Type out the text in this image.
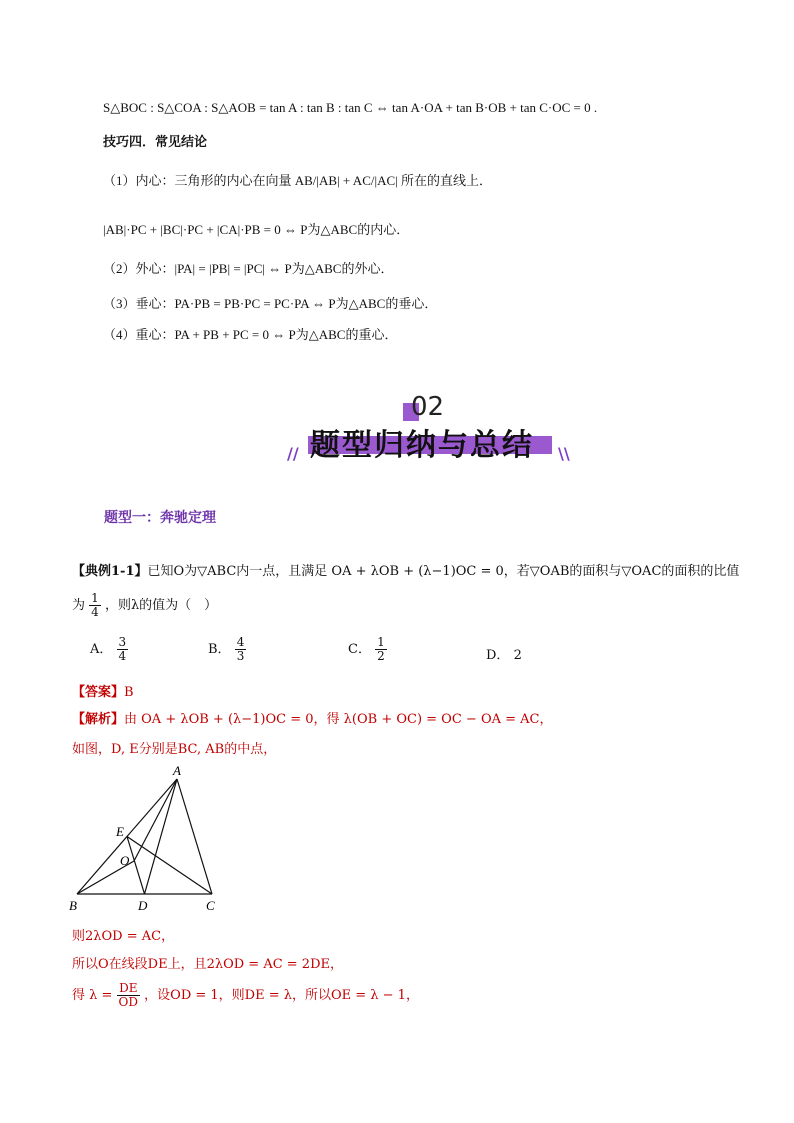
S△BOC : S△COA : S△AOB = tan A : tan B : tan C ⇔ tan A·OA + tan B·OB + tan C·OC = 0 .
技巧四．常见结论
（1）内心：三角形的内心在向量 AB/|AB| + AC/|AC| 所在的直线上．
|AB|·PC + |BC|·PC + |CA|·PB = 0 ⇔ P为△ABC的内心．
（2）外心：|PA| = |PB| = |PC| ⇔ P为△ABC的外心．
（3）垂心：PA·PB = PB·PC = PC·PA ⇔ P为△ABC的垂心．
（4）重心：PA + PB + PC = 0 ⇔ P为△ABC的重心．
02
题型归纳与总结
//	\\
题型一：奔驰定理
【典例1-1】已知O为▽ABC内一点，且满足 OA + λOB + (λ−1)OC = 0，若▽OAB的面积与▽OAC的面积的比值
为 $\frac{1}{4}$ ，则λ的值为（　）
A． $\frac{3}{4}$	B． $\frac{4}{3}$	C． $\frac{1}{2}$	D． 2
【答案】B
【解析】由 OA + λOB + (λ−1)OC = 0，得 λ(OB + OC) = OC − OA = AC，
如图，D, E分别是BC, AB的中点，
A
B	C
D
E
O
则2λOD = AC，
所以O在线段DE上，且2λOD = AC = 2DE，
得 $\lambda = \frac{DE}{OD}$ ，设OD = 1，则DE = λ，所以OE = λ − 1，
